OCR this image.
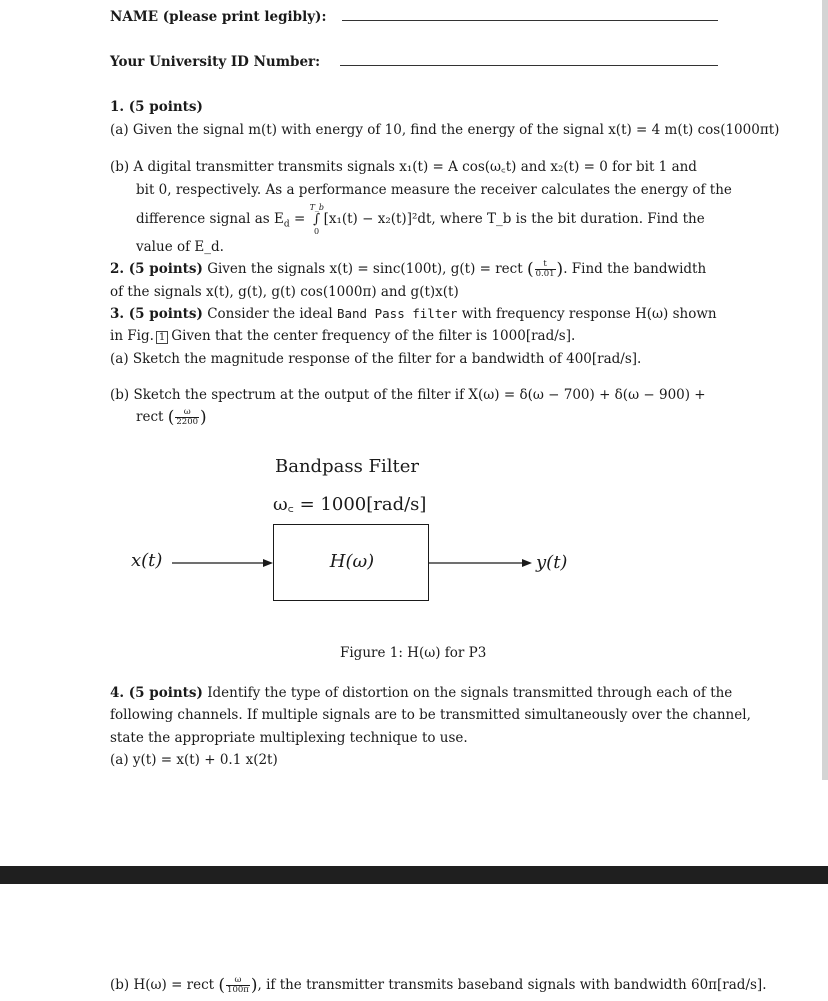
NAME (please print legibly):
Your University ID Number:
1. (5 points)
(a) Given the signal m(t) with energy of 10, find the energy of the signal x(t) = 4 m(t) cos(1000πt)
(b) A digital transmitter transmits signals x₁(t) = A cos(ω꜀t) and x₂(t) = 0 for bit 1 and
bit 0, respectively. As a performance measure the receiver calculates the energy of the
difference signal as $E_d$ =
T_b
∫
0
[x₁(t) − x₂(t)]²dt, where T_b is the bit duration. Find the
value of E_d.
2. (5 points) Given the signals x(t) = sinc(100t), g(t) = rect ( $\frac{t}{0.01}$ ). Find the bandwidth
of the signals x(t), g(t), g(t) cos(1000π) and g(t)x(t)
3. (5 points) Consider the ideal Band Pass filter with frequency response H(ω) shown
in Fig. 1 Given that the center frequency of the filter is 1000[rad/s].
(a) Sketch the magnitude response of the filter for a bandwidth of 400[rad/s].
(b) Sketch the spectrum at the output of the filter if X(ω) = δ(ω − 700) + δ(ω − 900) +
rect ( $\frac{\omega}{2200}$ )
Bandpass Filter
ω꜀ = 1000[rad/s]
x(t)	H(ω)	y(t)
Figure 1: H(ω) for P3
4. (5 points) Identify the type of distortion on the signals transmitted through each of the
following channels. If multiple signals are to be transmitted simultaneously over the channel,
state the appropriate multiplexing technique to use.
(a) y(t) = x(t) + 0.1 x(2t)
(b) H(ω) = rect ( $\frac{\omega}{100\pi}$ ), if the transmitter transmits baseband signals with bandwidth 60π[rad/s].
